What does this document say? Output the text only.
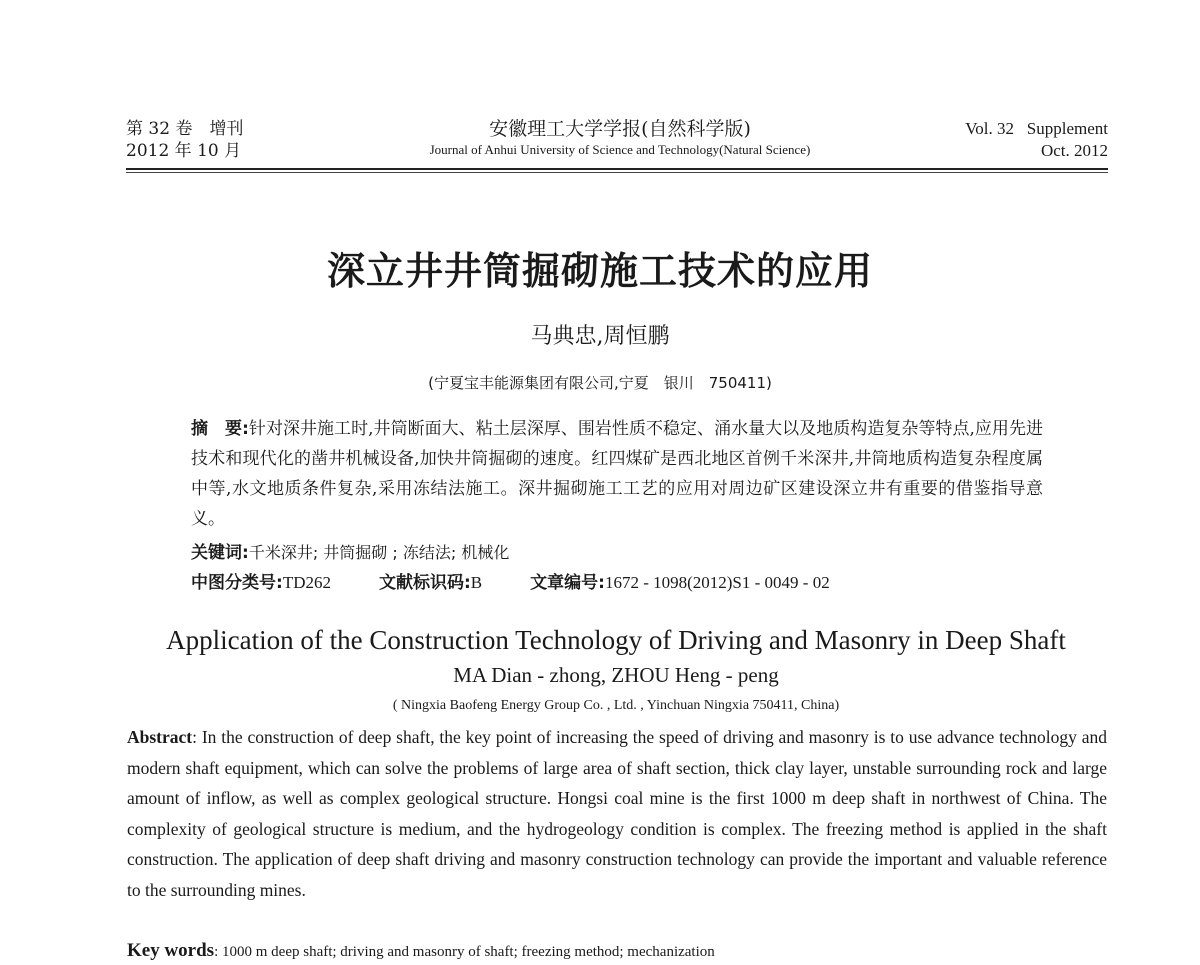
第 32 卷　增刊
2012 年 10 月
安徽理工大学学报(自然科学版)
Journal of Anhui University of Science and Technology(Natural Science)
Vol. 32   Supplement
Oct. 2012
深立井井筒掘砌施工技术的应用
马典忠,周恒鹏
(宁夏宝丰能源集团有限公司,宁夏　银川　750411)
摘　要:针对深井施工时,井筒断面大、粘土层深厚、围岩性质不稳定、涌水量大以及地质构造复杂等特点,应用先进技术和现代化的凿井机械设备,加快井筒掘砌的速度。红四煤矿是西北地区首例千米深井,井筒地质构造复杂程度属中等,水文地质条件复杂,采用冻结法施工。深井掘砌施工工艺的应用对周边矿区建设深立井有重要的借鉴指导意义。
关键词:千米深井; 井筒掘砌 ; 冻结法; 机械化
中图分类号:TD262	文献标识码:B	文章编号:1672 - 1098(2012)S1 - 0049 - 02
Application of the Construction Technology of Driving and Masonry in Deep Shaft
MA Dian - zhong, ZHOU Heng - peng
( Ningxia Baofeng Energy Group Co. , Ltd. , Yinchuan Ningxia 750411, China)
Abstract: In the construction of deep shaft, the key point of increasing the speed of driving and masonry is to use advance technology and modern shaft equipment, which can solve the problems of large area of shaft section, thick clay layer, unstable surrounding rock and large amount of inflow, as well as complex geological structure. Hongsi coal mine is the first 1000 m deep shaft in northwest of China. The complexity of geological structure is medium, and the hydrogeology condition is complex. The freezing method is applied in the shaft construction. The application of deep shaft driving and masonry construction technology can provide the important and valuable reference to the surrounding mines.
Key words: 1000 m deep shaft; driving and masonry of shaft; freezing method; mechanization
